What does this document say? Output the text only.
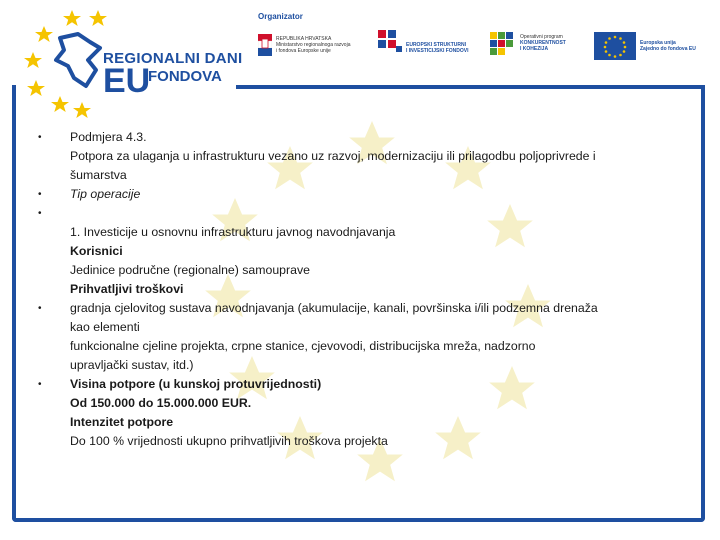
REGIONALNI DANI
EU
FONDOVA
Organizator
REPUBLIKA HRVATSKA
Ministarstvo regionalnoga razvoja
i fondova Europske unije
EUROPSKI STRUKTURNI
I INVESTICIJSKI FONDOVI
Operativni program
KONKURENTNOST
I KOHEZIJA
Europska unija
Zajedno do fondova EU
• Podmjera 4.3.
Potpora za ulaganja u infrastrukturu vezano uz razvoj, modernizaciju ili prilagodbu poljoprivrede i
šumarstva
• Tip operacije
•
1. Investicije u osnovnu infrastrukturu javnog navodnjavanja
Korisnici
Jedinice područne (regionalne) samouprave
Prihvatljivi troškovi
• gradnja cjelovitog sustava navodnjavanja (akumulacije, kanali, površinska i/ili podzemna drenaža
kao elementi
funkcionalne cjeline projekta, crpne stanice, cjevovodi, distribucijska mreža, nadzorno
upravljački sustav, itd.)
• Visina potpore (u kunskoj protuvrijednosti)
Od 150.000 do 15.000.000 EUR.
Intenzitet potpore
Do 100 % vrijednosti ukupno prihvatljivih troškova projekta
